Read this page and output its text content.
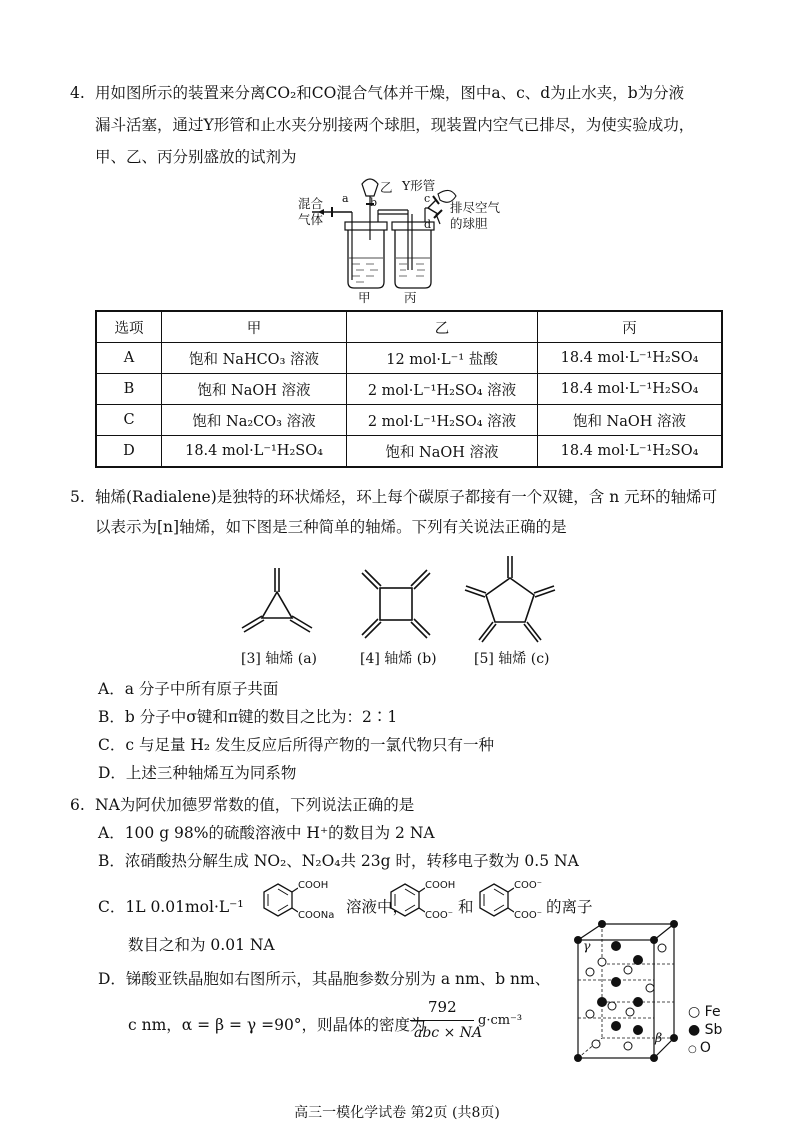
4. 用如图所示的装置来分离CO₂和CO混合气体并干燥，图中a、c、d为止水夹，b为分液
漏斗活塞，通过Y形管和止水夹分别接两个球胆，现装置内空气已排尽，为使实验成功，
甲、乙、丙分别盛放的试剂为
混合
气体
a b
乙 Y形管
c
d
排尽空气
的球胆
甲	丙
选项	甲	乙	丙
A	饱和 NaHCO₃ 溶液	12 mol·L⁻¹ 盐酸	18.4 mol·L⁻¹H₂SO₄
B	饱和 NaOH 溶液	2 mol·L⁻¹H₂SO₄ 溶液	18.4 mol·L⁻¹H₂SO₄
C	饱和 Na₂CO₃ 溶液	2 mol·L⁻¹H₂SO₄ 溶液	饱和 NaOH 溶液
D	18.4 mol·L⁻¹H₂SO₄	饱和 NaOH 溶液	18.4 mol·L⁻¹H₂SO₄
5. 轴烯(Radialene)是独特的环状烯烃，环上每个碳原子都接有一个双键，含 n 元环的轴烯可
以表示为[n]轴烯，如下图是三种简单的轴烯。下列有关说法正确的是
[3] 轴烯 (a)	[4] 轴烯 (b)	[5] 轴烯 (c)
A．a 分子中所有原子共面
B．b 分子中σ键和π键的数目之比为：2∶1
C．c 与足量 H₂ 发生反应后所得产物的一氯代物只有一种
D．上述三种轴烯互为同系物
6. NA为阿伏加德罗常数的值，下列说法正确的是
A．100 g 98%的硫酸溶液中 H⁺的数目为 2 NA
B．浓硝酸热分解生成 NO₂、N₂O₄共 23g 时，转移电子数为 0.5 NA
C．1L 0.01mol·L⁻¹
COOH
COONa 溶液中，
COOH
COO⁻ 和
COO⁻
COO⁻ 的离子
数目之和为 0.01 NA
D．锑酸亚铁晶胞如右图所示，其晶胞参数分别为 a nm、b nm、
c nm，α = β = γ =90°，则晶体的密度为
792
abc × NA
g·cm⁻³
γ
β
○ Fe
● Sb
○ O
高三一模化学试卷 第2页 (共8页)
